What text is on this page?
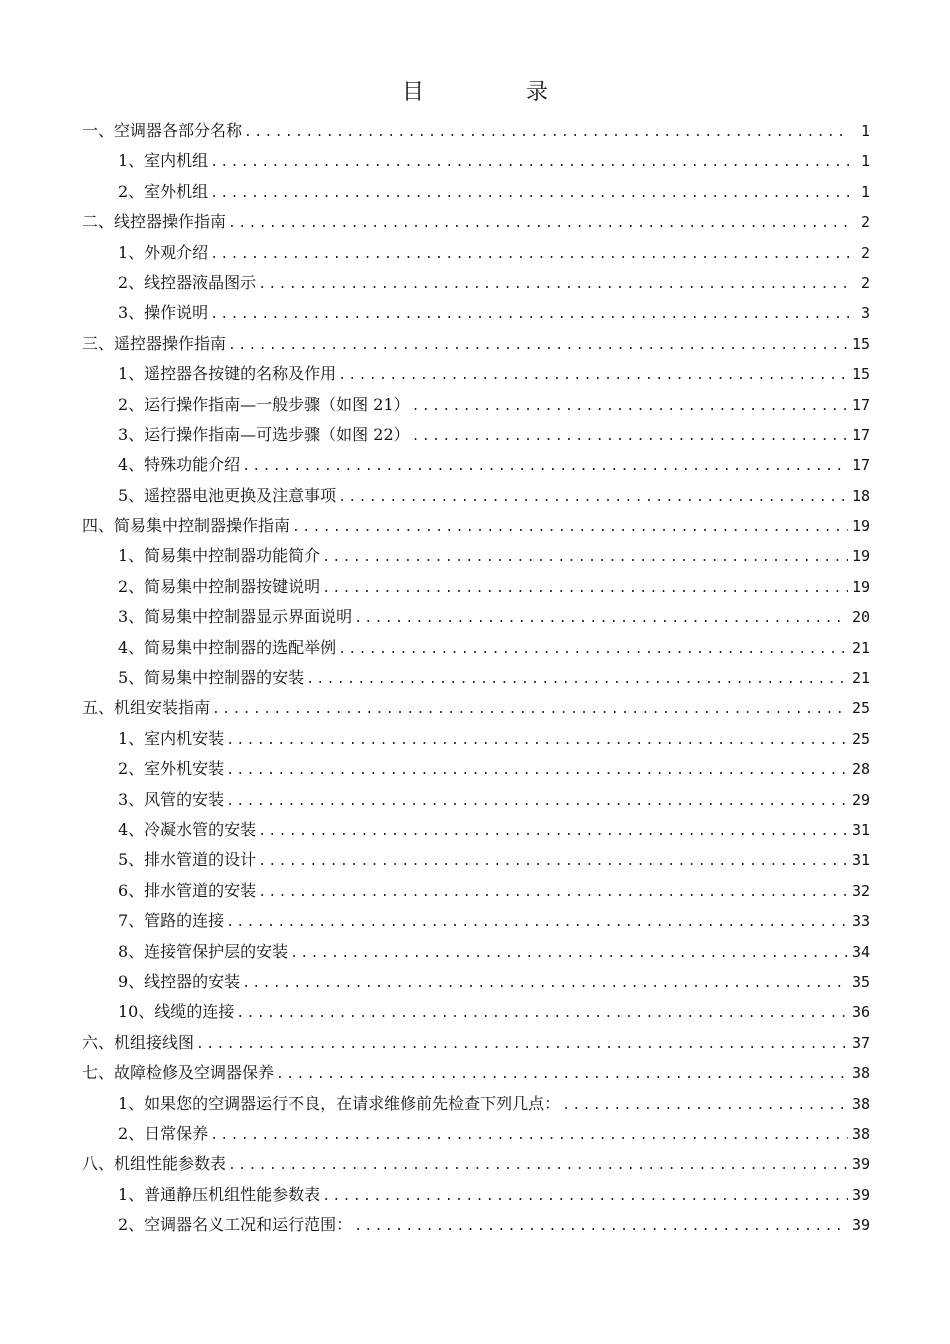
目　录
一、空调器各部分名称 .....	1
1、室内机组 .....	1
2、室外机组 .....	1
二、线控器操作指南 .....	2
1、外观介绍 .....	2
2、线控器液晶图示 .....	2
3、操作说明 .....	3
三、遥控器操作指南 .....	15
1、遥控器各按键的名称及作用 .....	15
2、运行操作指南—一般步骤（如图 21） .....	17
3、运行操作指南—可选步骤（如图 22） .....	17
4、特殊功能介绍 .....	17
5、遥控器电池更换及注意事项 .....	18
四、简易集中控制器操作指南 .....	19
1、简易集中控制器功能简介 .....	19
2、简易集中控制器按键说明 .....	19
3、简易集中控制器显示界面说明 .....	20
4、简易集中控制器的选配举例 .....	21
5、简易集中控制器的安装 .....	21
五、机组安装指南 .....	25
1、室内机安装 .....	25
2、室外机安装 .....	28
3、风管的安装 .....	29
4、冷凝水管的安装 .....	31
5、排水管道的设计 .....	31
6、排水管道的安装 .....	32
7、管路的连接 .....	33
8、连接管保护层的安装 .....	34
9、线控器的安装 .....	35
10、线缆的连接 .....	36
六、机组接线图 .....	37
七、故障检修及空调器保养 .....	38
1、如果您的空调器运行不良，在请求维修前先检查下列几点： .....	38
2、日常保养 .....	38
八、机组性能参数表 .....	39
1、普通静压机组性能参数表 .....	39
2、空调器名义工况和运行范围： .....	39
